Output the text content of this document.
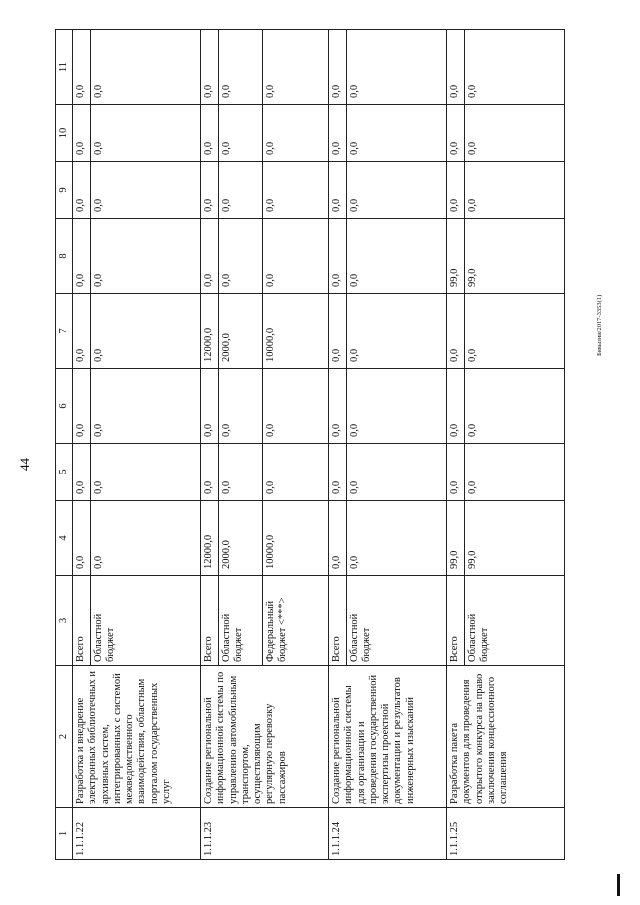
44
Бявызни/2017-3353(1)
1	2	3	4	5	6	7	8	9	10	11
1.1.1.22	Разработка и внедрение электронных библиотечных и архивных систем, интегрированных с системой межведомственного взаимодействия, областным порталом государственных услуг	Всего	0,0	0,0	0,0	0,0	0,0	0,0	0,0	0,0
		Областной бюджет	0,0	0,0	0,0	0,0	0,0	0,0	0,0	0,0
1.1.1.23	Создание региональной информационной системы по управлению автомобильным транспортом, осуществляющим регулярную перевозку пассажиров	Всего	12000,0	0,0	0,0	12000,0	0,0	0,0	0,0	0,0
		Областной бюджет	2000,0	0,0	0,0	2000,0	0,0	0,0	0,0	0,0
		Федеральный бюджет <***>	10000,0	0,0	0,0	10000,0	0,0	0,0	0,0	0,0
1.1.1.24	Создание региональной информационной системы для организации и проведения государственной экспертизы проектной документации и результатов инженерных изысканий	Всего	0,0	0,0	0,0	0,0	0,0	0,0	0,0	0,0
		Областной бюджет	0,0	0,0	0,0	0,0	0,0	0,0	0,0	0,0
1.1.1.25	Разработка пакета документов для проведения открытого конкурса на право заключения концессионного соглашения	Всего	99,0	0,0	0,0	0,0	99,0	0,0	0,0	0,0
		Областной бюджет	99,0	0,0	0,0	0,0	99,0	0,0	0,0	0,0
